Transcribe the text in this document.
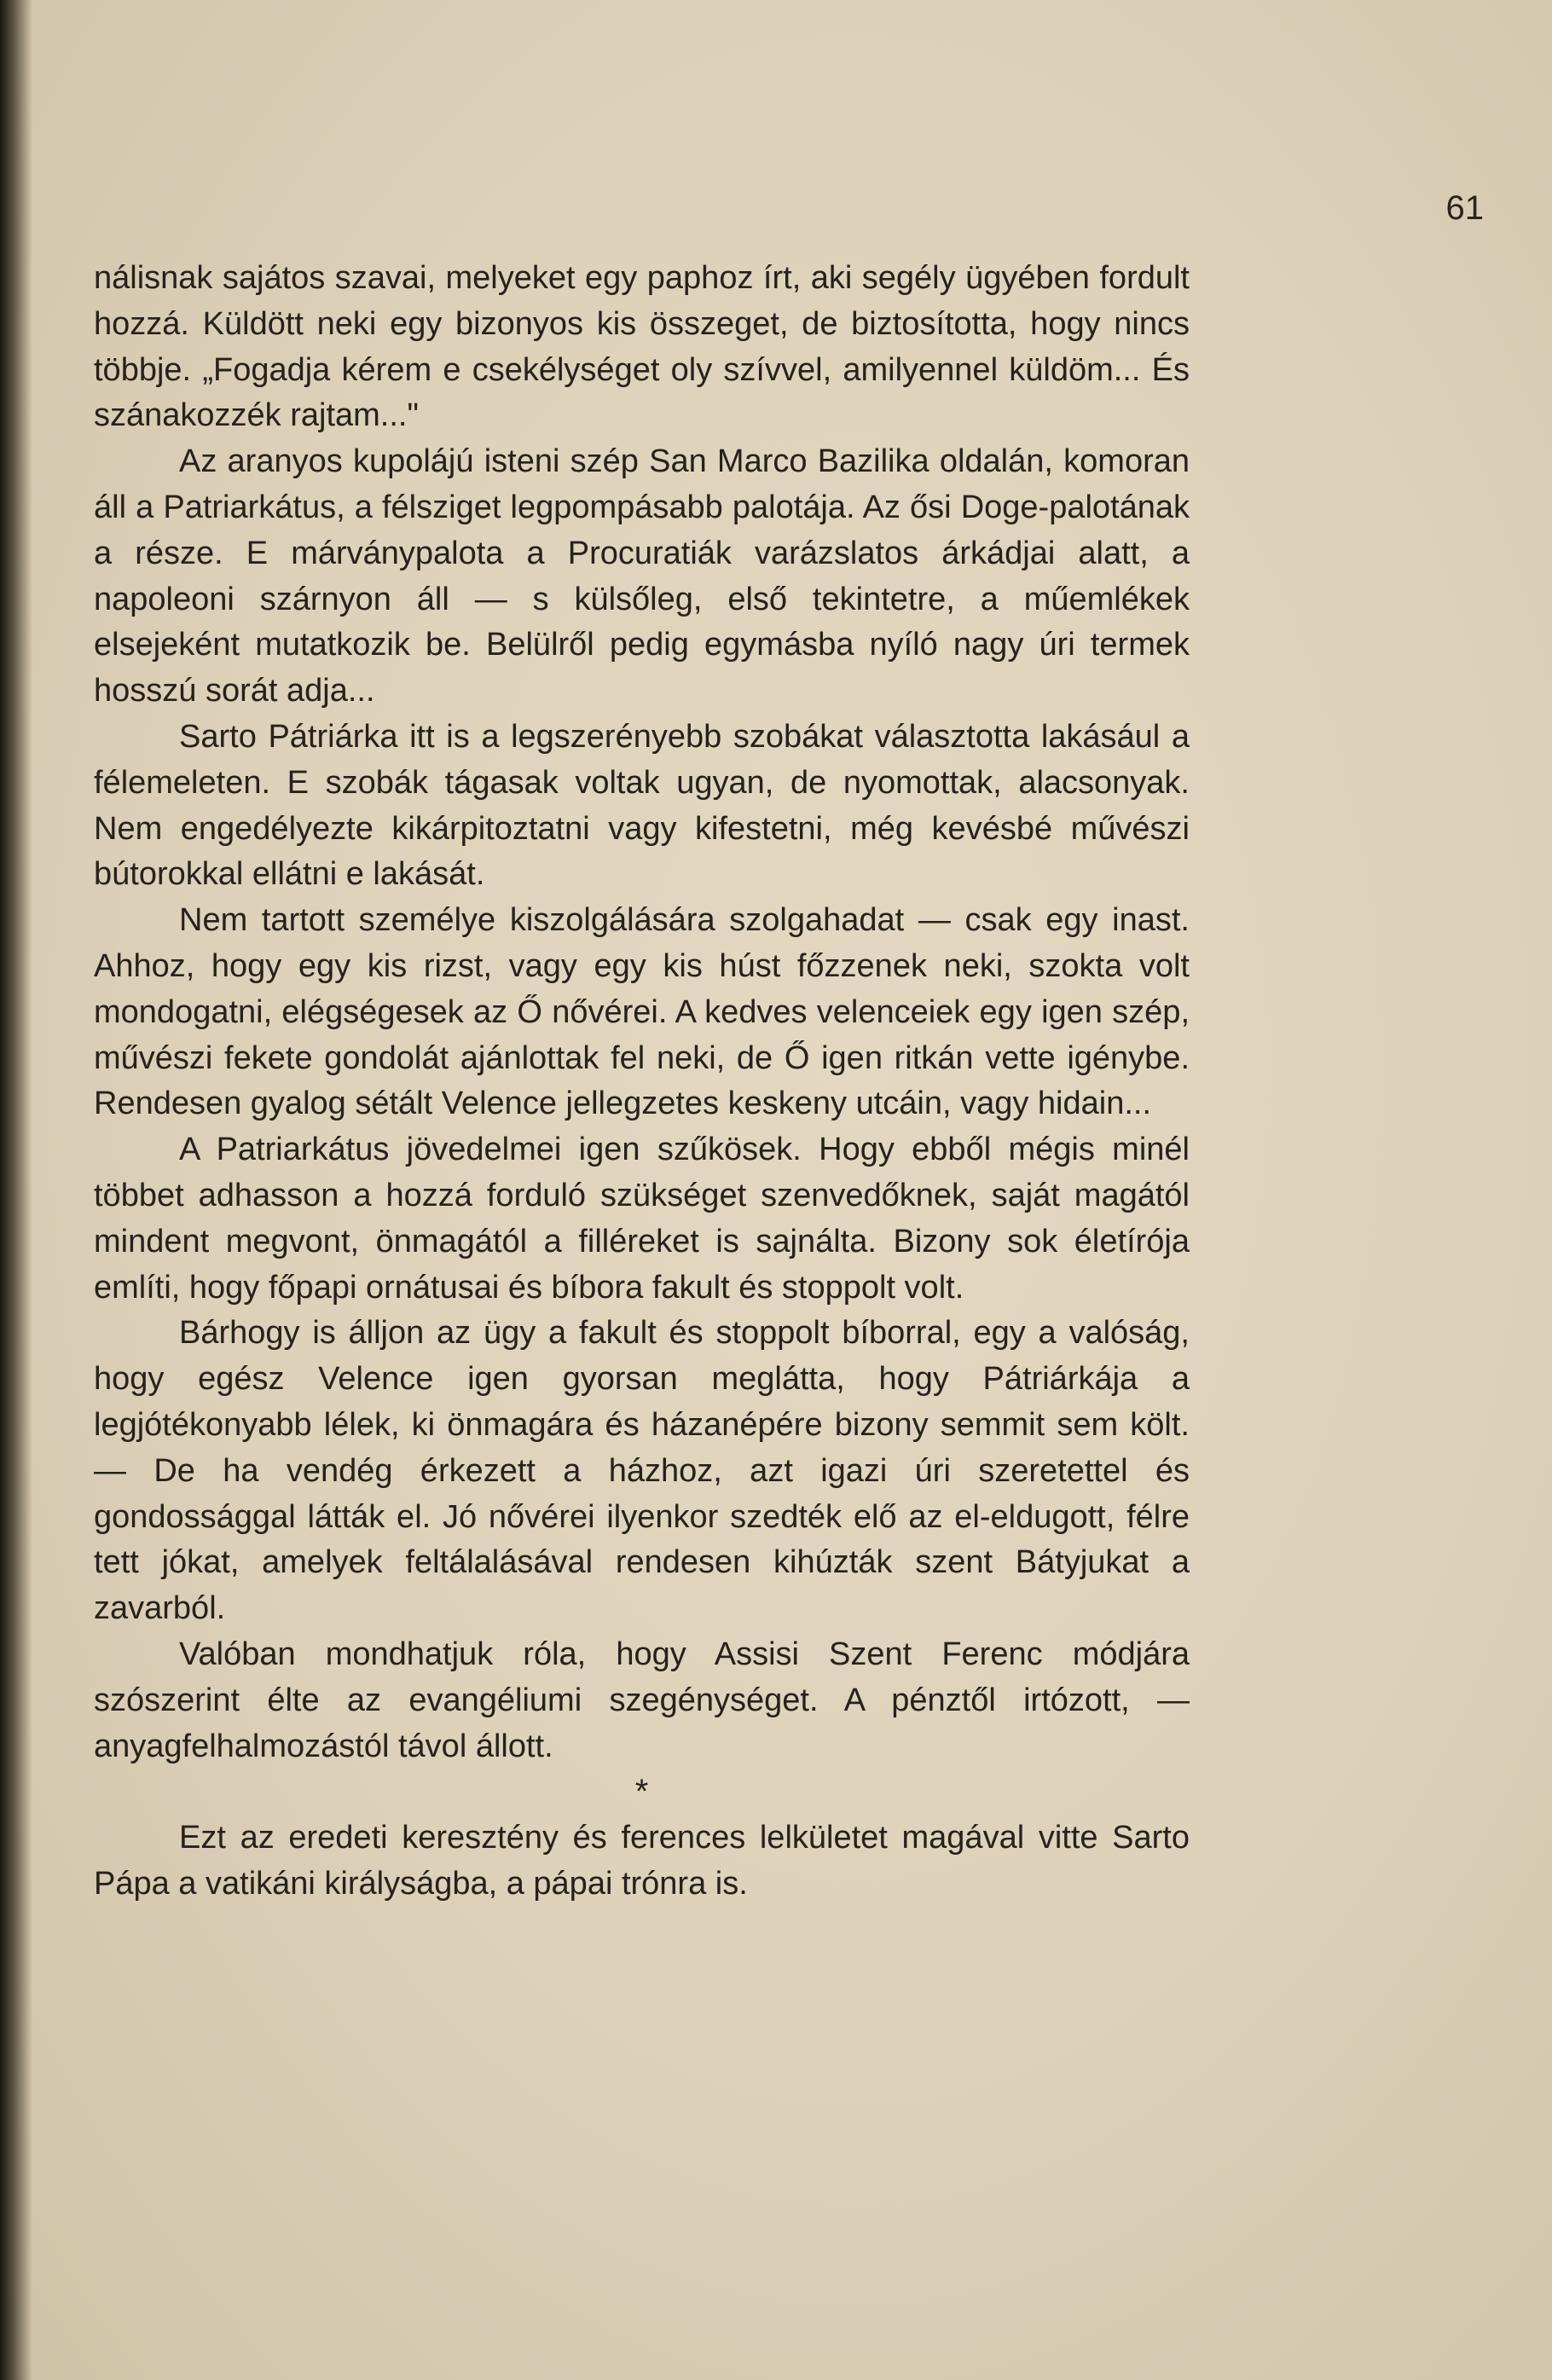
61

nálisnak sajátos szavai, melyeket egy paphoz írt, aki segély ügyében fordult hozzá. Küldött neki egy bizonyos kis összeget, de biztosította, hogy nincs többje. „Fogadja kérem e csekélységet oly szívvel, amilyennel küldöm... És szánakozzék rajtam..."

Az aranyos kupolájú isteni szép San Marco Bazilika oldalán, komoran áll a Patriarkátus, a félsziget legpompásabb palotája. Az ősi Doge-palotának a része. E márványpalota a Procuratiák varázslatos árkádjai alatt, a napoleoni szárnyon áll — s külsőleg, első tekintetre, a műemlékek elsejeként mutatkozik be. Belülről pedig egymásba nyíló nagy úri termek hosszú sorát adja...

Sarto Pátriárka itt is a legszerényebb szobákat választotta lakásául a félemeleten. E szobák tágasak voltak ugyan, de nyomottak, alacsonyak. Nem engedélyezte kikárpitoztatni vagy kifestetni, még kevésbé művészi bútorokkal ellátni e lakását.

Nem tartott személye kiszolgálására szolgahadat — csak egy inast. Ahhoz, hogy egy kis rizst, vagy egy kis húst főzzenek neki, szokta volt mondogatni, elégségesek az Ő nővérei. A kedves velenceiek egy igen szép, művészi fekete gondolát ajánlottak fel neki, de Ő igen ritkán vette igénybe. Rendesen gyalog sétált Velence jellegzetes keskeny utcáin, vagy hidain...

A Patriarkátus jövedelmei igen szűkösek. Hogy ebből mégis minél többet adhasson a hozzá forduló szükséget szenvedőknek, saját magától mindent megvont, önmagától a filléreket is sajnálta. Bizony sok életírója említi, hogy főpapi ornátusai és bíbora fakult és stoppolt volt.

Bárhogy is álljon az ügy a fakult és stoppolt bíborral, egy a valóság, hogy egész Velence igen gyorsan meglátta, hogy Pátriárkája a legjótékonyabb lélek, ki önmagára és házanépére bizony semmit sem költ. — De ha vendég érkezett a házhoz, azt igazi úri szeretettel és gondossággal látták el. Jó nővérei ilyenkor szedték elő az el-eldugott, félre tett jókat, amelyek feltálalásával rendesen kihúzták szent Bátyjukat a zavarból.

Valóban mondhatjuk róla, hogy Assisi Szent Ferenc módjára szószerint élte az evangéliumi szegénységet. A pénztől irtózott, — anyagfelhalmozástól távol állott.

*

Ezt az eredeti keresztény és ferences lelkületet magával vitte Sarto Pápa a vatikáni királyságba, a pápai trónra is.
